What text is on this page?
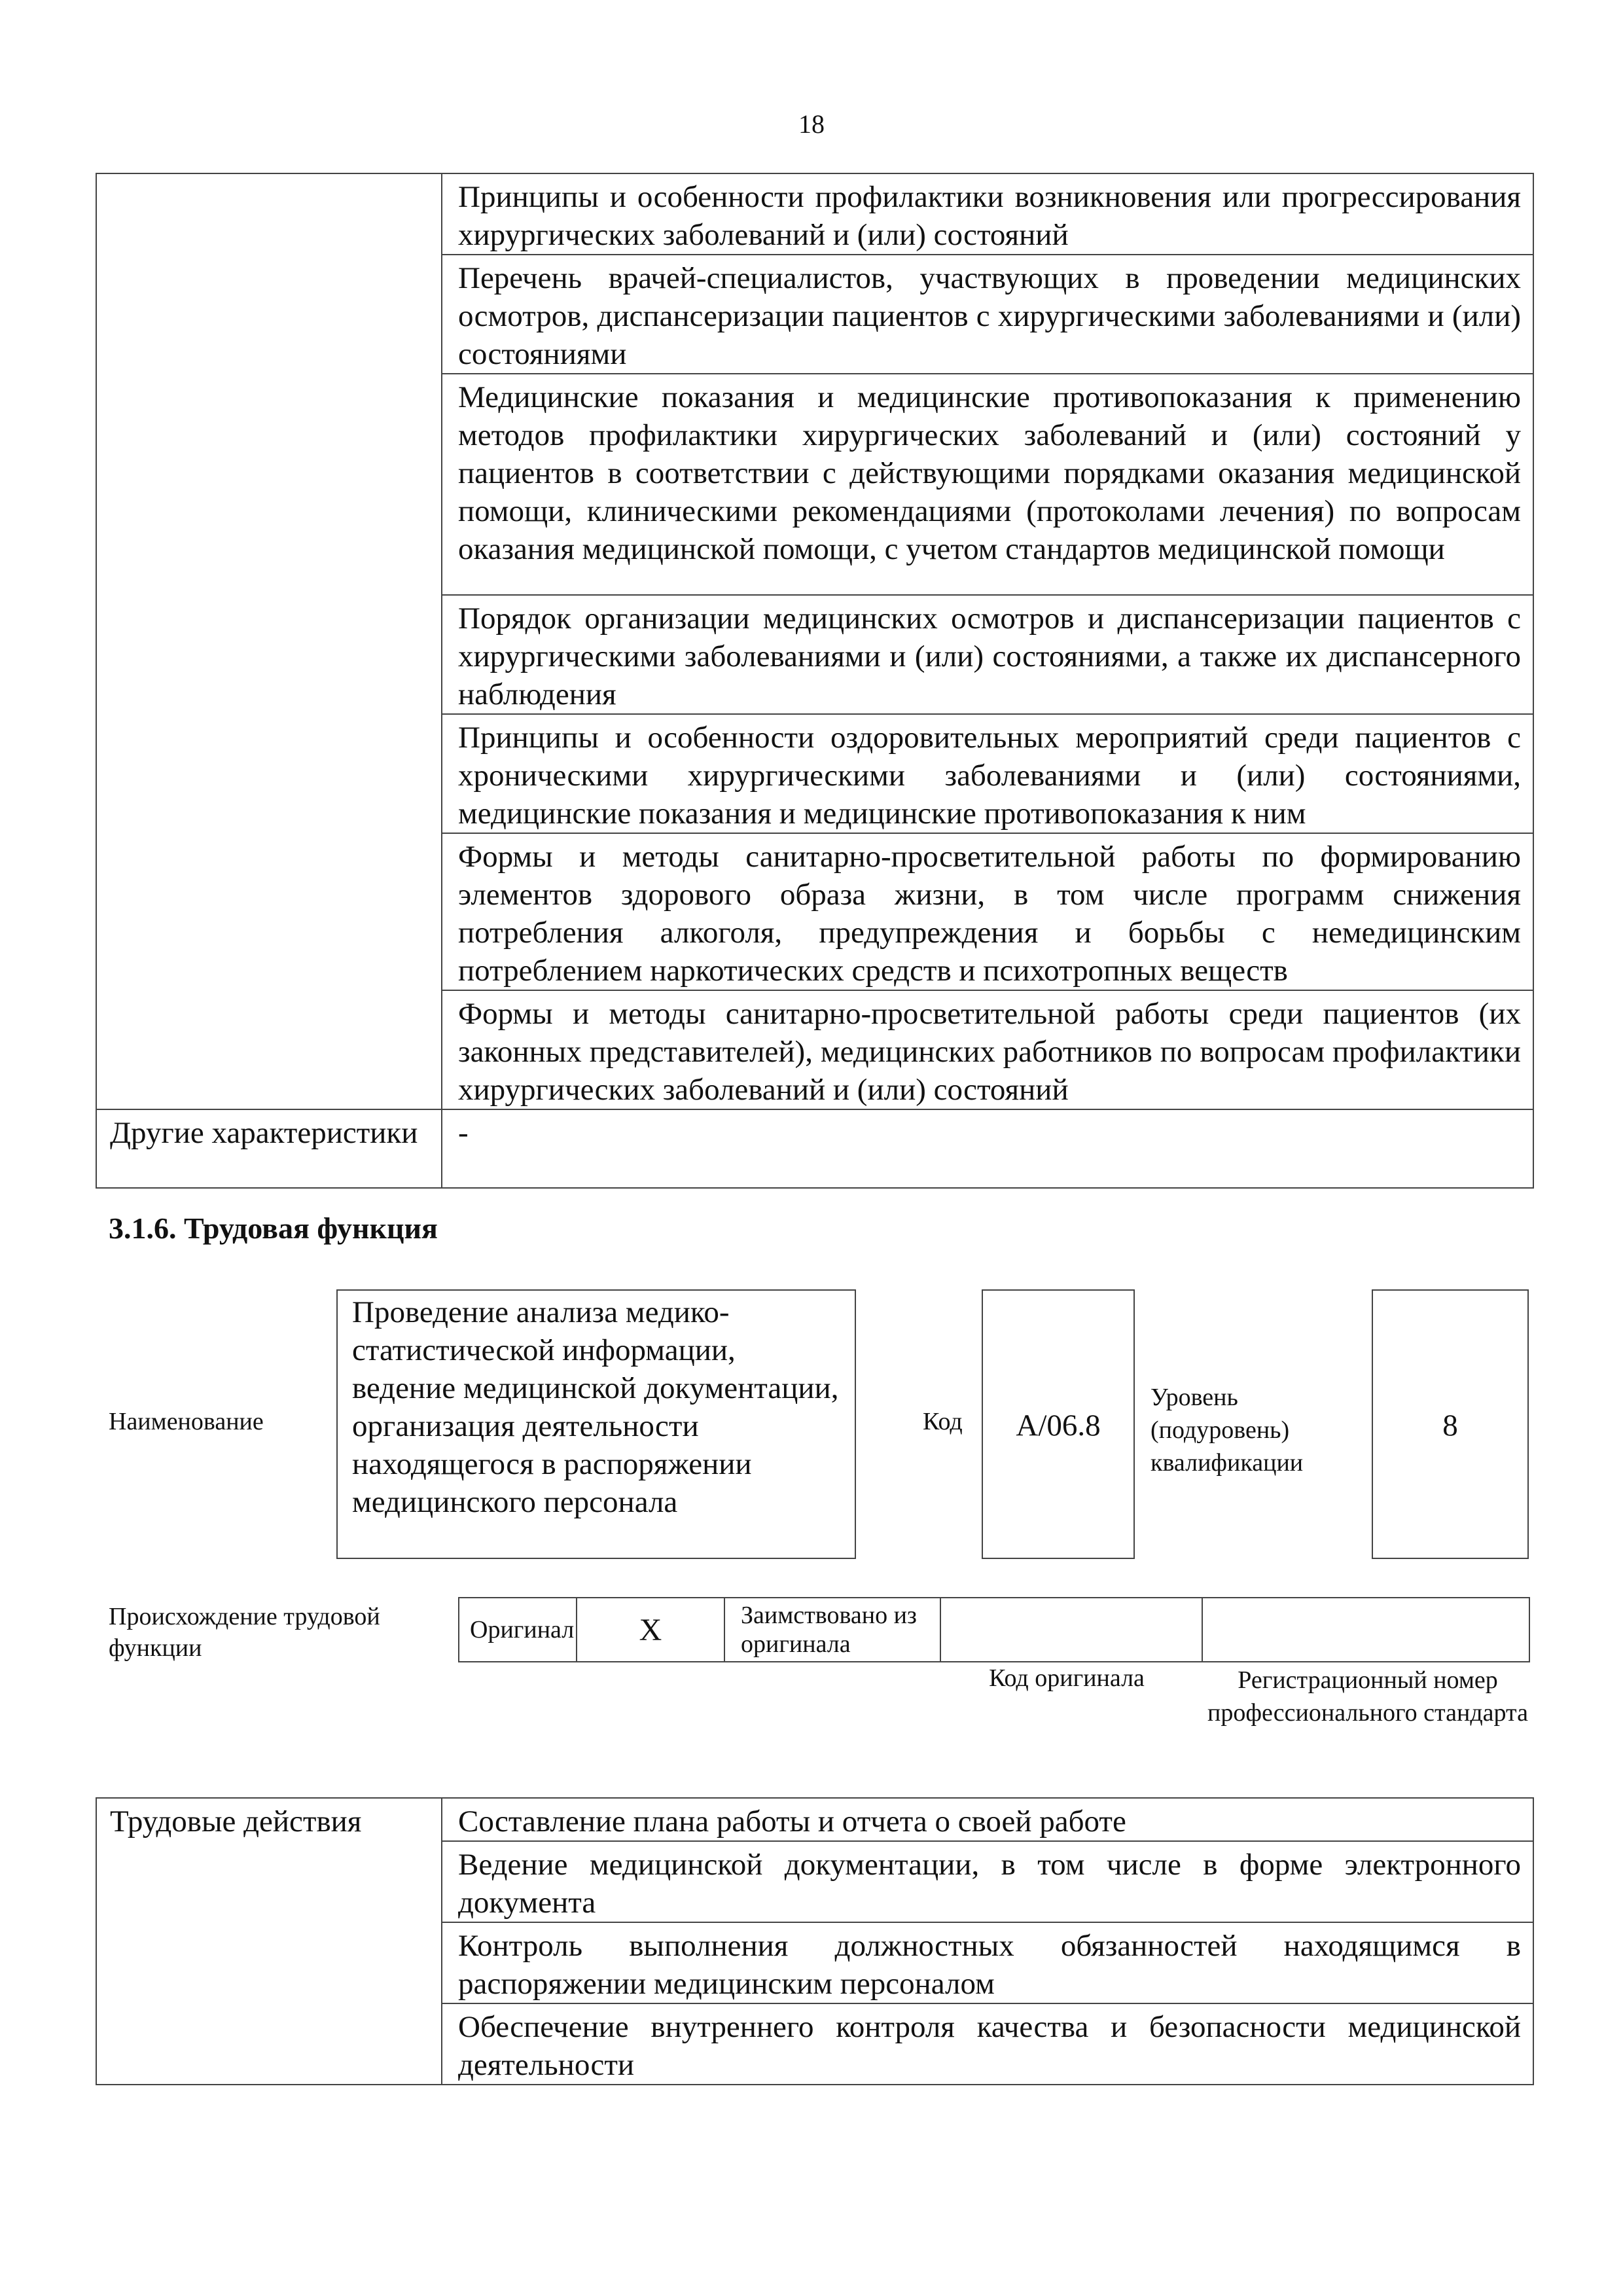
18
	Принципы и особенности профилактики возникновения или прогрессирования хирургических заболеваний и (или) состояний
	Перечень врачей-специалистов, участвующих в проведении медицинских осмотров, диспансеризации пациентов с хирургическими заболеваниями и (или) состояниями
	Медицинские показания и медицинские противопоказания к применению методов профилактики хирургических заболеваний и (или) состояний у пациентов в соответствии с действующими порядками оказания медицинской помощи, клиническими рекомендациями (протоколами лечения) по вопросам оказания медицинской помощи, с учетом стандартов медицинской помощи
	Порядок организации медицинских осмотров и диспансеризации пациентов с хирургическими заболеваниями и (или) состояниями, а также их диспансерного наблюдения
	Принципы и особенности оздоровительных мероприятий среди пациентов с хроническими хирургическими заболеваниями и (или) состояниями, медицинские показания и медицинские противопоказания к ним
	Формы и методы санитарно-просветительной работы по формированию элементов здорового образа жизни, в том числе программ снижения потребления алкоголя, предупреждения и борьбы с немедицинским потреблением наркотических средств и психотропных веществ
	Формы и методы санитарно-просветительной работы среди пациентов (их законных представителей), медицинских работников по вопросам профилактики хирургических заболеваний и (или) состояний
Другие характеристики	-
3.1.6. Трудовая функция
Наименование
Проведение анализа медико-статистической информации, ведение медицинской документации, организация деятельности находящегося в распоряжении медицинского персонала
Код	A/06.8
Уровень (подуровень) квалификации
8
Происхождение трудовой функции
Оригинал	X	Заимствовано из оригинала		
Код оригинала	Регистрационный номер профессионального стандарта
Трудовые действия	Составление плана работы и отчета о своей работе
Ведение медицинской документации, в том числе в форме электронного документа
Контроль выполнения должностных обязанностей находящимся в распоряжении медицинским персоналом
Обеспечение внутреннего контроля качества и безопасности медицинской деятельности
